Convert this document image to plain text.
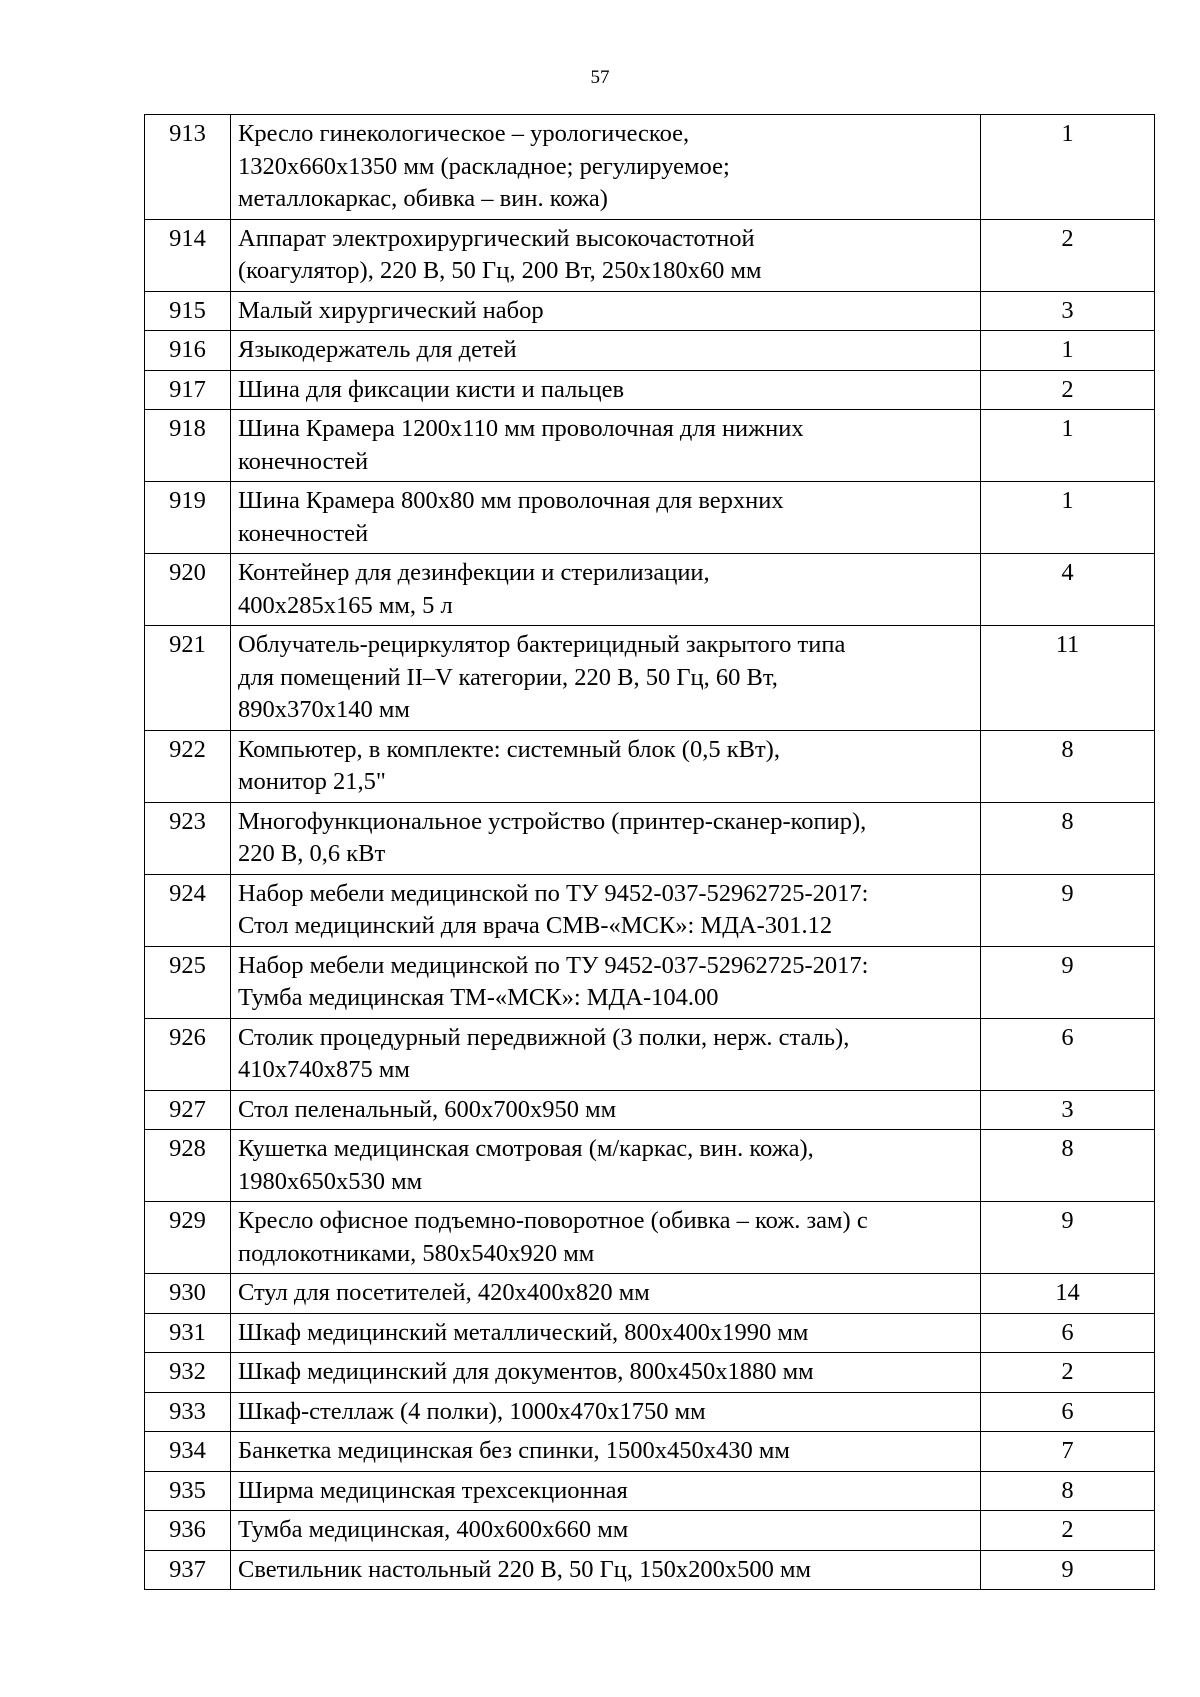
57
913	Кресло гинекологическое – урологическое,
1320х660х1350 мм (раскладное; регулируемое;
металлокаркас, обивка – вин. кожа)	1
914	Аппарат электрохирургический высокочастотной
(коагулятор), 220 В, 50 Гц, 200 Вт, 250х180х60 мм	2
915	Малый хирургический набор	3
916	Языкодержатель для детей	1
917	Шина для фиксации кисти и пальцев	2
918	Шина Крамера 1200х110 мм проволочная для нижних
конечностей	1
919	Шина Крамера 800х80 мм проволочная для верхних
конечностей	1
920	Контейнер для дезинфекции и стерилизации,
400х285х165 мм, 5 л	4
921	Облучатель-рециркулятор бактерицидный закрытого типа
для помещений II–V категории, 220 В, 50 Гц, 60 Вт,
890х370х140 мм	11
922	Компьютер, в комплекте: системный блок (0,5 кВт),
монитор 21,5"	8
923	Многофункциональное устройство (принтер-сканер-копир),
220 В, 0,6 кВт	8
924	Набор мебели медицинской по ТУ 9452-037-52962725-2017:
Стол медицинский для врача СМВ-«МСК»: МДА-301.12	9
925	Набор мебели медицинской по ТУ 9452-037-52962725-2017:
Тумба медицинская ТМ-«МСК»: МДА-104.00	9
926	Столик процедурный передвижной (3 полки, нерж. сталь),
410х740х875 мм	6
927	Стол пеленальный, 600х700х950 мм	3
928	Кушетка медицинская смотровая (м/каркас, вин. кожа),
1980х650х530 мм	8
929	Кресло офисное подъемно-поворотное (обивка – кож. зам) с
подлокотниками, 580х540х920 мм	9
930	Стул для посетителей, 420х400х820 мм	14
931	Шкаф медицинский металлический, 800х400х1990 мм	6
932	Шкаф медицинский для документов, 800х450х1880 мм	2
933	Шкаф-стеллаж (4 полки), 1000х470х1750 мм	6
934	Банкетка медицинская без спинки, 1500х450х430 мм	7
935	Ширма медицинская трехсекционная	8
936	Тумба медицинская, 400х600х660 мм	2
937	Светильник настольный 220 В, 50 Гц, 150х200х500 мм	9
